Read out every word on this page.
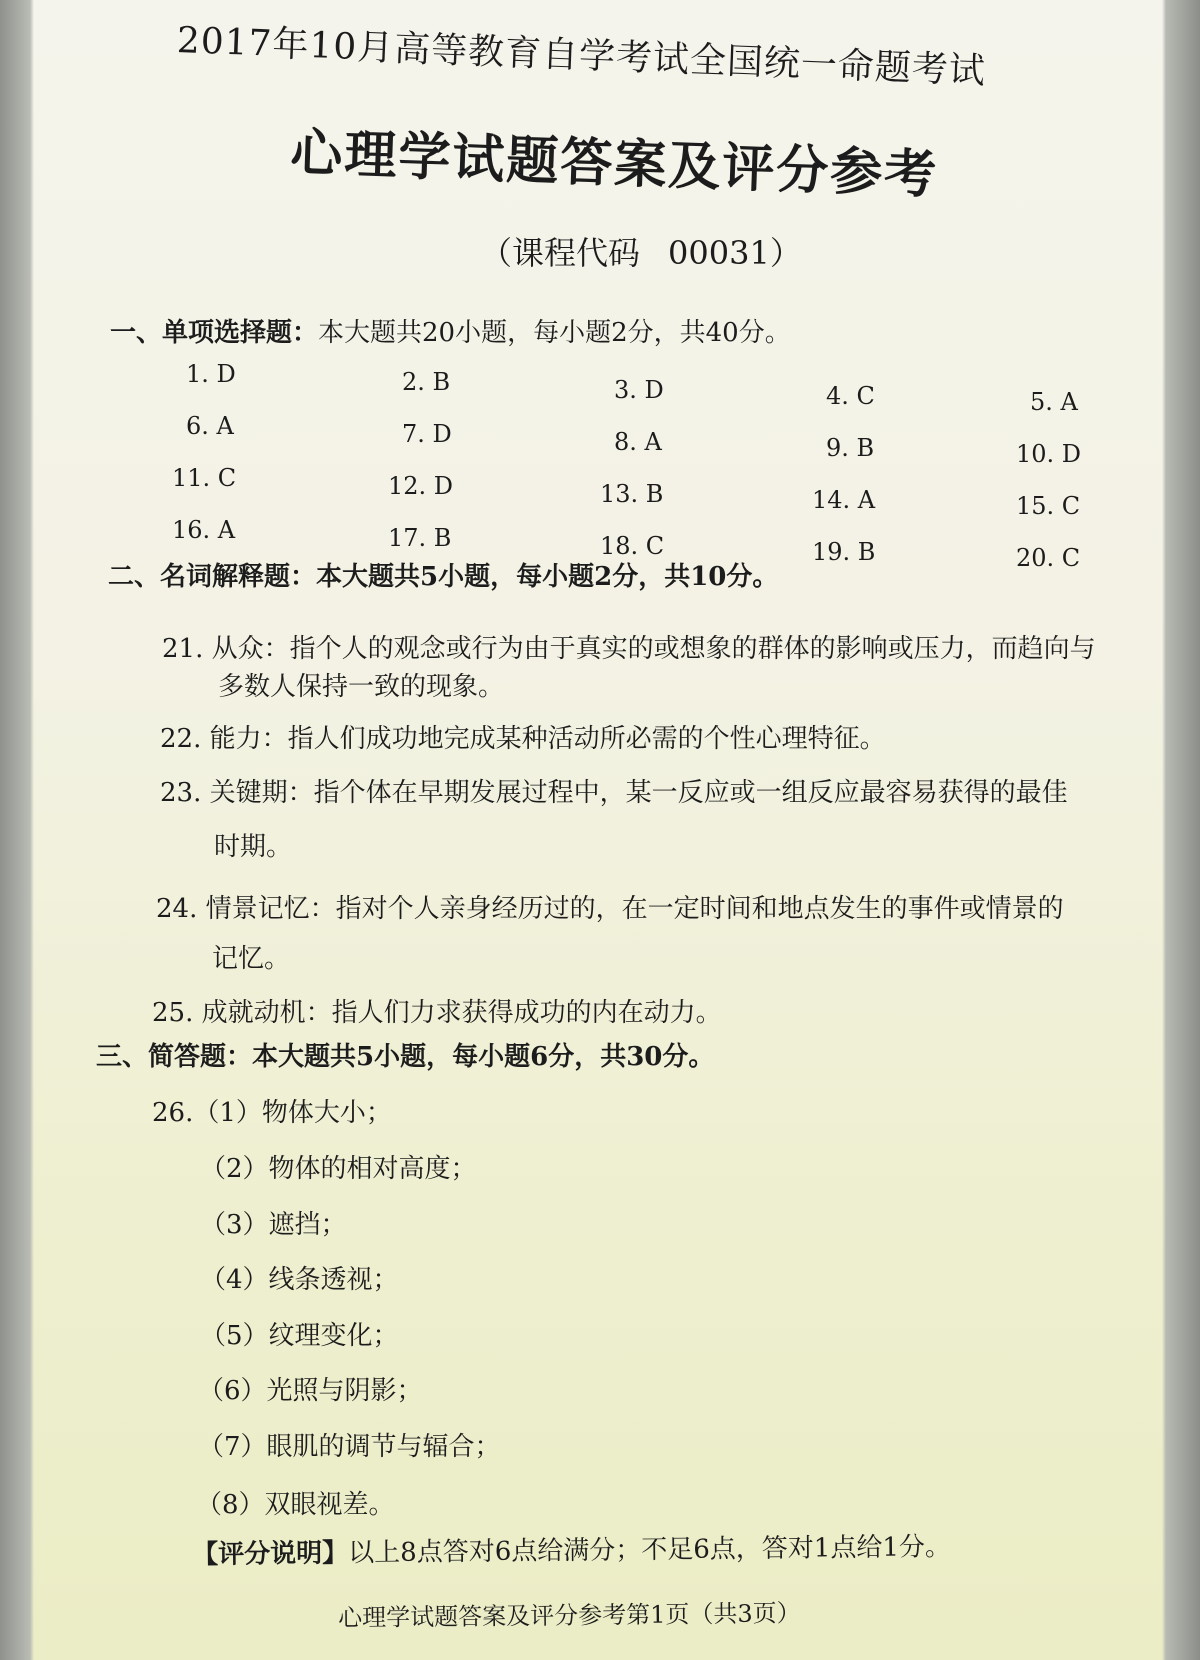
2017年10月高等教育自学考试全国统一命题考试
心理学试题答案及评分参考
（课程代码 00031）
一、单项选择题：本大题共20小题，每小题2分，共40分。
1. D	2. B	3. D	4. C	5. A
6. A	7. D	8. A	9. B	10. D
11. C	12. D	13. B	14. A	15. C
16. A	17. B	18. C	19. B	20. C
二、名词解释题：本大题共5小题，每小题2分，共10分。
21. 从众：指个人的观念或行为由于真实的或想象的群体的影响或压力，而趋向与
多数人保持一致的现象。
22. 能力：指人们成功地完成某种活动所必需的个性心理特征。
23. 关键期：指个体在早期发展过程中，某一反应或一组反应最容易获得的最佳
时期。
24. 情景记忆：指对个人亲身经历过的，在一定时间和地点发生的事件或情景的
记忆。
25. 成就动机：指人们力求获得成功的内在动力。
三、简答题：本大题共5小题，每小题6分，共30分。
26.（1）物体大小；
（2）物体的相对高度；
（3）遮挡；
（4）线条透视；
（5）纹理变化；
（6）光照与阴影；
（7）眼肌的调节与辐合；
（8）双眼视差。
【评分说明】以上8点答对6点给满分；不足6点，答对1点给1分。
心理学试题答案及评分参考第1页（共3页）
